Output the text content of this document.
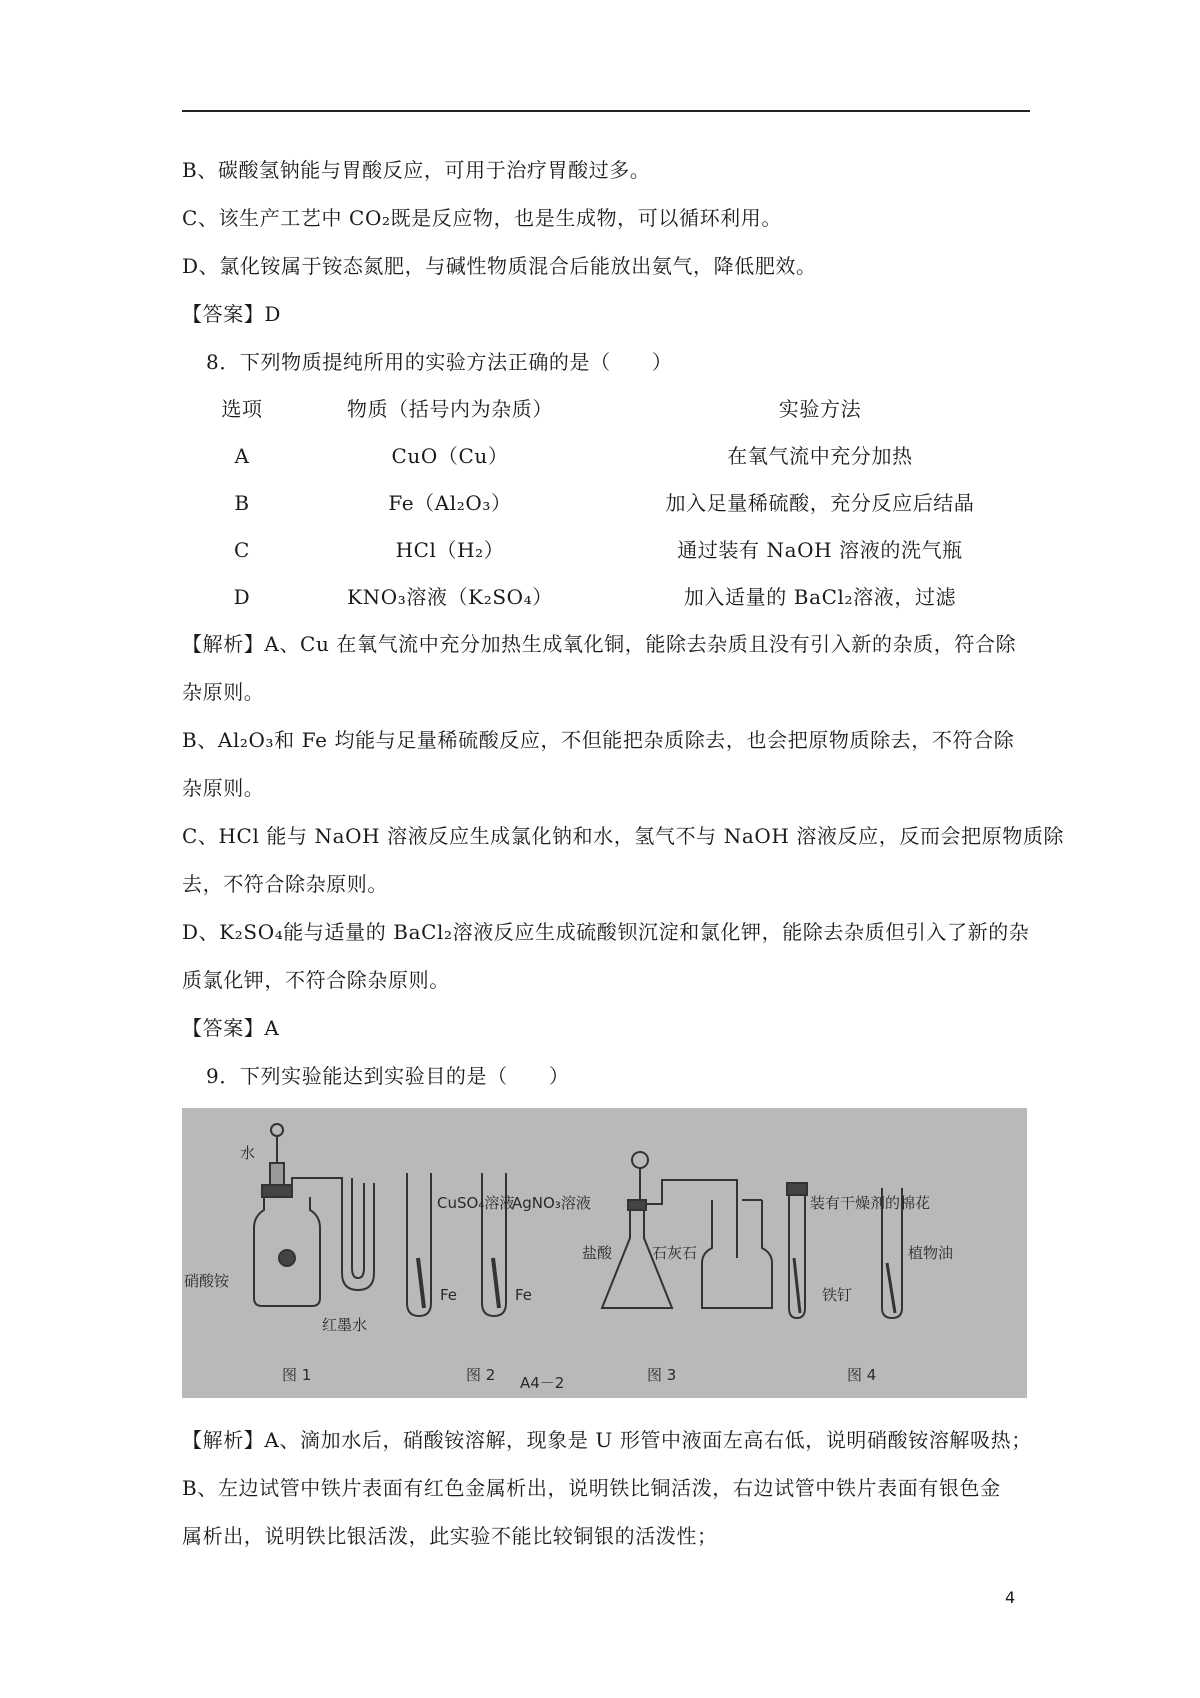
B、碳酸氢钠能与胃酸反应，可用于治疗胃酸过多。
C、该生产工艺中 CO₂既是反应物，也是生成物，可以循环利用。
D、氯化铵属于铵态氮肥，与碱性物质混合后能放出氨气，降低肥效。
【答案】D
8．下列物质提纯所用的实验方法正确的是（　　）
选项	物质（括号内为杂质）	实验方法
A	CuO（Cu）	在氧气流中充分加热
B	Fe（Al₂O₃）	加入足量稀硫酸，充分反应后结晶
C	HCl（H₂）	通过装有 NaOH 溶液的洗气瓶
D	KNO₃溶液（K₂SO₄）	加入适量的 BaCl₂溶液，过滤
【解析】A、Cu 在氧气流中充分加热生成氧化铜，能除去杂质且没有引入新的杂质，符合除
杂原则。
B、Al₂O₃和 Fe 均能与足量稀硫酸反应，不但能把杂质除去，也会把原物质除去，不符合除
杂原则。
C、HCl 能与 NaOH 溶液反应生成氯化钠和水，氢气不与 NaOH 溶液反应，反而会把原物质除
去，不符合除杂原则。
D、K₂SO₄能与适量的 BaCl₂溶液反应生成硫酸钡沉淀和氯化钾，能除去杂质但引入了新的杂
质氯化钾，不符合除杂原则。
【答案】A
9．下列实验能达到实验目的是（　　）
水
硝酸铵
红墨水
图 1
CuSO₄溶液
AgNO₃溶液
Fe	Fe
图 2 A4－2
盐酸	石灰石
图 3
装有干燥剂的棉花
铁钉
植物油
图 4
【解析】A、滴加水后，硝酸铵溶解，现象是 U 形管中液面左高右低，说明硝酸铵溶解吸热；
B、左边试管中铁片表面有红色金属析出，说明铁比铜活泼，右边试管中铁片表面有银色金
属析出，说明铁比银活泼，此实验不能比较铜银的活泼性；
4
